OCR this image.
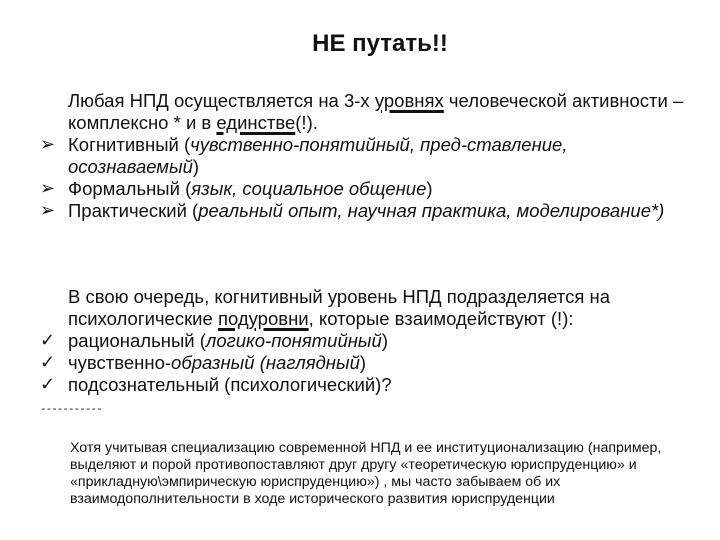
НЕ путать!!
Любая НПД осуществляется на 3-х уровнях человеческой активности – комплексно * и в единстве(!).
➢ Когнитивный (чувственно-понятийный, пред-ставление, осознаваемый)
➢ Формальный (язык, социальное общение)
➢ Практический (реальный опыт, научная практика, моделирование*)
В свою очередь, когнитивный уровень НПД подразделяется на психологические подуровни, которые взаимодействуют (!):
✓ рациональный (логико-понятийный)
✓ чувственно-образный (наглядный)
✓ подсознательный (психологический)?
-----------
Хотя учитывая специализацию современной НПД и ее институционализацию (например, выделяют и порой противопоставляют друг другу «теоретическую юриспруденцию» и «прикладную\эмпирическую юриспруденцию») , мы часто забываем об их взаимодополнительности в ходе исторического развития юриспруденции
